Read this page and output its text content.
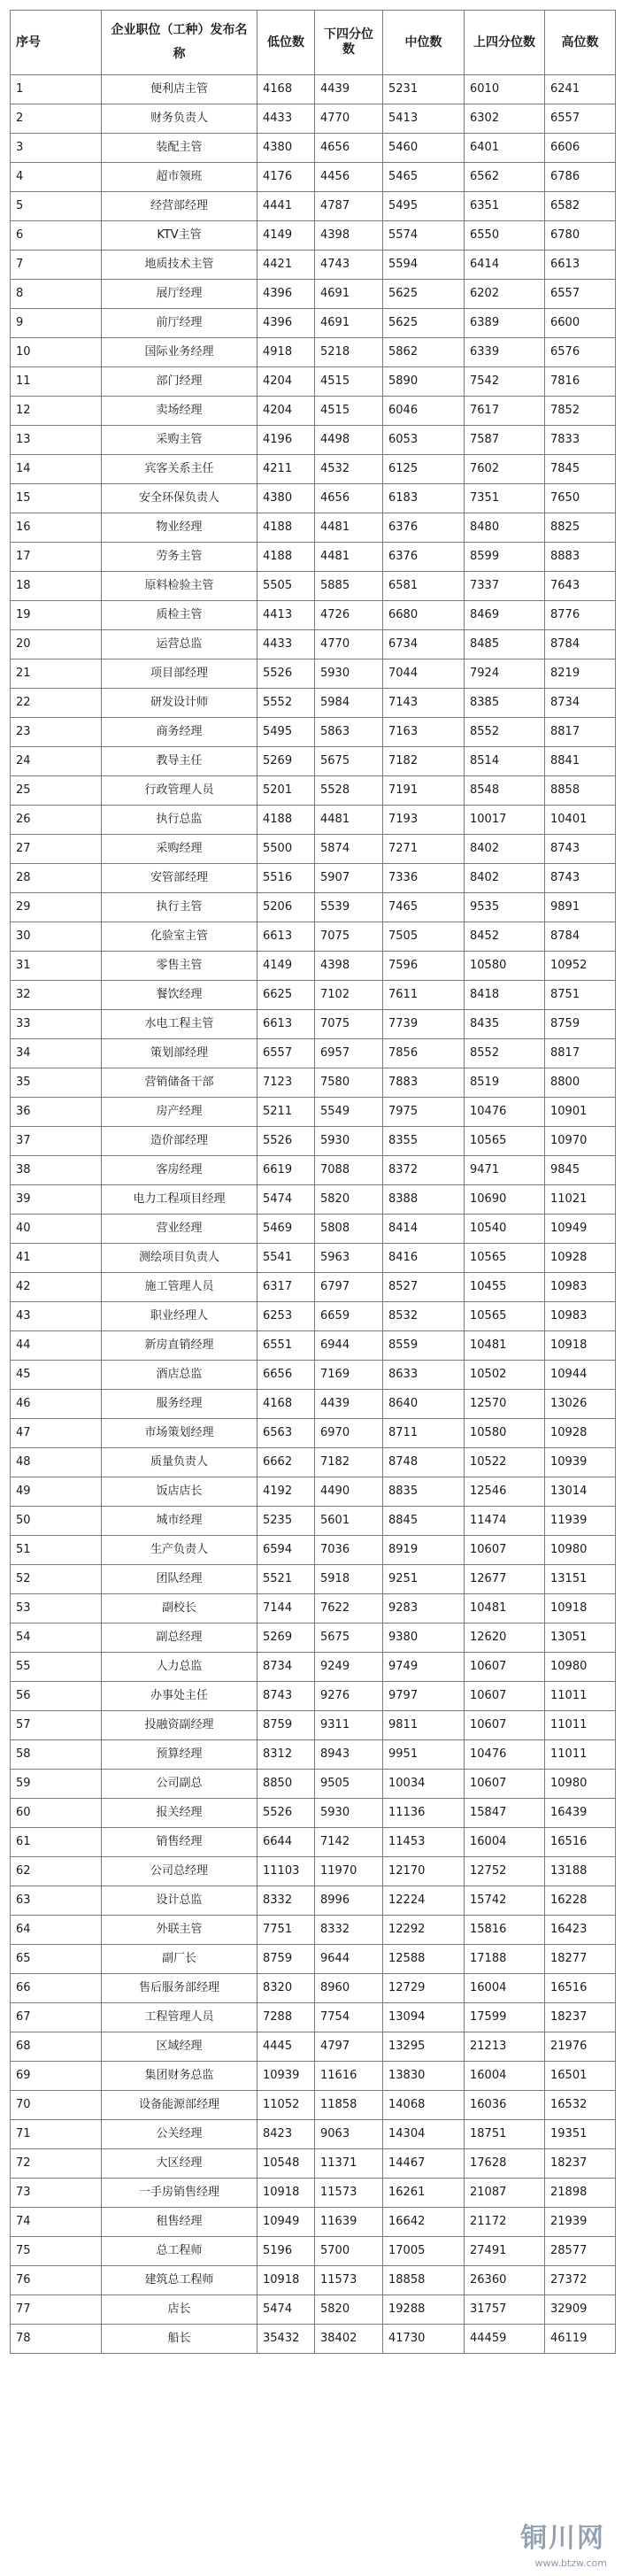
序号	企业职位（工种）发布名称	低位数	下四分位数	中位数	上四分位数	高位数
1	便利店主管	4168	4439	5231	6010	6241
2	财务负责人	4433	4770	5413	6302	6557
3	装配主管	4380	4656	5460	6401	6606
4	超市领班	4176	4456	5465	6562	6786
5	经营部经理	4441	4787	5495	6351	6582
6	KTV主管	4149	4398	5574	6550	6780
7	地质技术主管	4421	4743	5594	6414	6613
8	展厅经理	4396	4691	5625	6202	6557
9	前厅经理	4396	4691	5625	6389	6600
10	国际业务经理	4918	5218	5862	6339	6576
11	部门经理	4204	4515	5890	7542	7816
12	卖场经理	4204	4515	6046	7617	7852
13	采购主管	4196	4498	6053	7587	7833
14	宾客关系主任	4211	4532	6125	7602	7845
15	安全环保负责人	4380	4656	6183	7351	7650
16	物业经理	4188	4481	6376	8480	8825
17	劳务主管	4188	4481	6376	8599	8883
18	原料检验主管	5505	5885	6581	7337	7643
19	质检主管	4413	4726	6680	8469	8776
20	运营总监	4433	4770	6734	8485	8784
21	项目部经理	5526	5930	7044	7924	8219
22	研发设计师	5552	5984	7143	8385	8734
23	商务经理	5495	5863	7163	8552	8817
24	教导主任	5269	5675	7182	8514	8841
25	行政管理人员	5201	5528	7191	8548	8858
26	执行总监	4188	4481	7193	10017	10401
27	采购经理	5500	5874	7271	8402	8743
28	安管部经理	5516	5907	7336	8402	8743
29	执行主管	5206	5539	7465	9535	9891
30	化验室主管	6613	7075	7505	8452	8784
31	零售主管	4149	4398	7596	10580	10952
32	餐饮经理	6625	7102	7611	8418	8751
33	水电工程主管	6613	7075	7739	8435	8759
34	策划部经理	6557	6957	7856	8552	8817
35	营销储备干部	7123	7580	7883	8519	8800
36	房产经理	5211	5549	7975	10476	10901
37	造价部经理	5526	5930	8355	10565	10970
38	客房经理	6619	7088	8372	9471	9845
39	电力工程项目经理	5474	5820	8388	10690	11021
40	营业经理	5469	5808	8414	10540	10949
41	测绘项目负责人	5541	5963	8416	10565	10928
42	施工管理人员	6317	6797	8527	10455	10983
43	职业经理人	6253	6659	8532	10565	10983
44	新房直销经理	6551	6944	8559	10481	10918
45	酒店总监	6656	7169	8633	10502	10944
46	服务经理	4168	4439	8640	12570	13026
47	市场策划经理	6563	6970	8711	10580	10928
48	质量负责人	6662	7182	8748	10522	10939
49	饭店店长	4192	4490	8835	12546	13014
50	城市经理	5235	5601	8845	11474	11939
51	生产负责人	6594	7036	8919	10607	10980
52	团队经理	5521	5918	9251	12677	13151
53	副校长	7144	7622	9283	10481	10918
54	副总经理	5269	5675	9380	12620	13051
55	人力总监	8734	9249	9749	10607	10980
56	办事处主任	8743	9276	9797	10607	11011
57	投融资副经理	8759	9311	9811	10607	11011
58	预算经理	8312	8943	9951	10476	11011
59	公司副总	8850	9505	10034	10607	10980
60	报关经理	5526	5930	11136	15847	16439
61	销售经理	6644	7142	11453	16004	16516
62	公司总经理	11103	11970	12170	12752	13188
63	设计总监	8332	8996	12224	15742	16228
64	外联主管	7751	8332	12292	15816	16423
65	副厂长	8759	9644	12588	17188	18277
66	售后服务部经理	8320	8960	12729	16004	16516
67	工程管理人员	7288	7754	13094	17599	18237
68	区域经理	4445	4797	13295	21213	21976
69	集团财务总监	10939	11616	13830	16004	16501
70	设备能源部经理	11052	11858	14068	16036	16532
71	公关经理	8423	9063	14304	18751	19351
72	大区经理	10548	11371	14467	17628	18237
73	一手房销售经理	10918	11573	16261	21087	21898
74	租售经理	10949	11639	16642	21172	21939
75	总工程师	5196	5700	17005	27491	28577
76	建筑总工程师	10918	11573	18858	26360	27372
77	店长	5474	5820	19288	31757	32909
78	船长	35432	38402	41730	44459	46119
铜川网
www.btzw.com
